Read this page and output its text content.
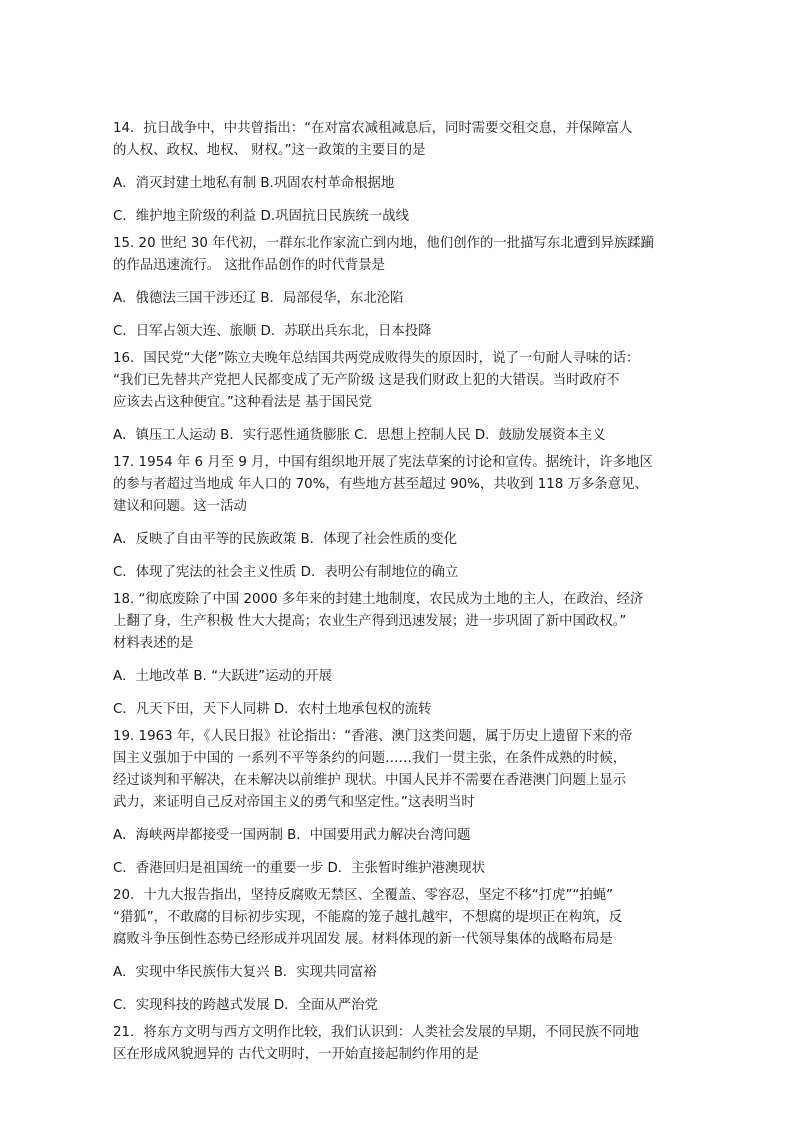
14．抗日战争中，中共曾指出：“在对富农减租减息后，同时需要交租交息，并保障富人
的人权、政权、地权、 财权。”这一政策的主要目的是

A．消灭封建土地私有制 B.巩固农村革命根据地

C．维护地主阶级的利益 D.巩固抗日民族统一战线

15. 20 世纪 30 年代初，一群东北作家流亡到内地，他们创作的一批描写东北遭到异族蹂躏
的作品迅速流行。 这批作品创作的时代背景是

A．俄德法三国干涉还辽 B．局部侵华，东北沦陷

C．日军占领大连、旅顺 D．苏联出兵东北，日本投降

16．国民党“大佬”陈立夫晚年总结国共两党成败得失的原因时，说了一句耐人寻味的话：
“我们已先替共产党把人民都变成了无产阶级 这是我们财政上犯的大错误。当时政府不
应该去占这种便宜。”这种看法是 基于国民党

A．镇压工人运动 B．实行恶性通货膨胀 C．思想上控制人民 D．鼓励发展资本主义

17. 1954 年 6 月至 9 月，中国有组织地开展了宪法草案的讨论和宣传。据统计，许多地区
的参与者超过当地成 年人口的 70%，有些地方甚至超过 90%，共收到 118 万多条意见、
建议和问题。这一活动

A．反映了自由平等的民族政策 B．体现了社会性质的变化

C．体现了宪法的社会主义性质 D．表明公有制地位的确立

18. “彻底废除了中国 2000 多年来的封建土地制度，农民成为土地的主人，在政治、经济
上翻了身，生产积极 性大大提高；农业生产得到迅速发展；进一步巩固了新中国政权。”
材料表述的是

A．土地改革 B. “大跃进”运动的开展

C．凡天下田，天下人同耕 D．农村土地承包权的流转

19. 1963 年，《人民日报》社论指出：“香港、澳门这类问题，属于历史上遗留下来的帝
国主义强加于中国的 一系列不平等条约的问题……我们一贯主张，在条件成熟的时候，
经过谈判和平解决，在未解决以前维护 现状。中国人民并不需要在香港澳门问题上显示
武力，来证明自己反对帝国主义的勇气和坚定性。”这表明当时

A．海峡两岸都接受一国两制 B．中国要用武力解决台湾问题

C．香港回归是祖国统一的重要一步 D．主张暂时维护港澳现状

20．十九大报告指出，坚持反腐败无禁区、全覆盖、零容忍，坚定不移“打虎”“拍蝇”
“猎狐”，不敢腐的目标初步实现，不能腐的笼子越扎越牢，不想腐的堤坝正在构筑，反
腐败斗争压倒性态势已经形成并巩固发 展。材料体现的新一代领导集体的战略布局是

A．实现中华民族伟大复兴 B．实现共同富裕

C．实现科技的跨越式发展 D．全面从严治党

21．将东方文明与西方文明作比较，我们认识到：人类社会发展的早期，不同民族不同地
区在形成风貌迥异的 古代文明时，一开始直接起制约作用的是
